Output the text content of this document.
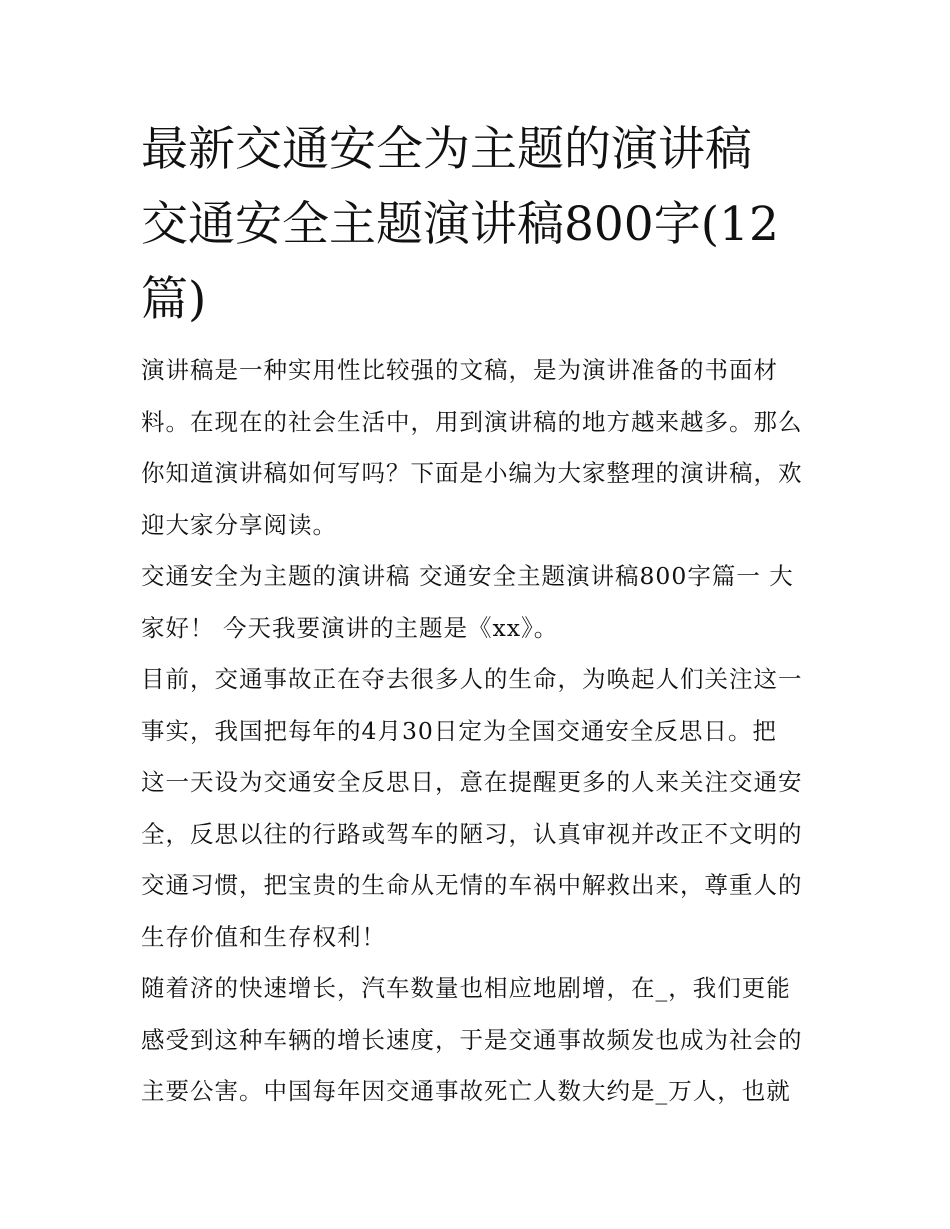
最新交通安全为主题的演讲稿
交通安全主题演讲稿800字(12
篇)

演讲稿是一种实用性比较强的文稿，是为演讲准备的书面材
料。在现在的社会生活中，用到演讲稿的地方越来越多。那么
你知道演讲稿如何写吗？下面是小编为大家整理的演讲稿，欢
迎大家分享阅读。

交通安全为主题的演讲稿 交通安全主题演讲稿800字篇一 大
家好！ 今天我要演讲的主题是《xx》。

目前，交通事故正在夺去很多人的生命，为唤起人们关注这一
事实，我国把每年的4月30日定为全国交通安全反思日。把
这一天设为交通安全反思日，意在提醒更多的人来关注交通安
全，反思以往的行路或驾车的陋习，认真审视并改正不文明的
交通习惯，把宝贵的生命从无情的车祸中解救出来，尊重人的
生存价值和生存权利！

随着济的快速增长，汽车数量也相应地剧增，在_，我们更能
感受到这种车辆的增长速度，于是交通事故频发也成为社会的
主要公害。中国每年因交通事故死亡人数大约是_万人，也就
